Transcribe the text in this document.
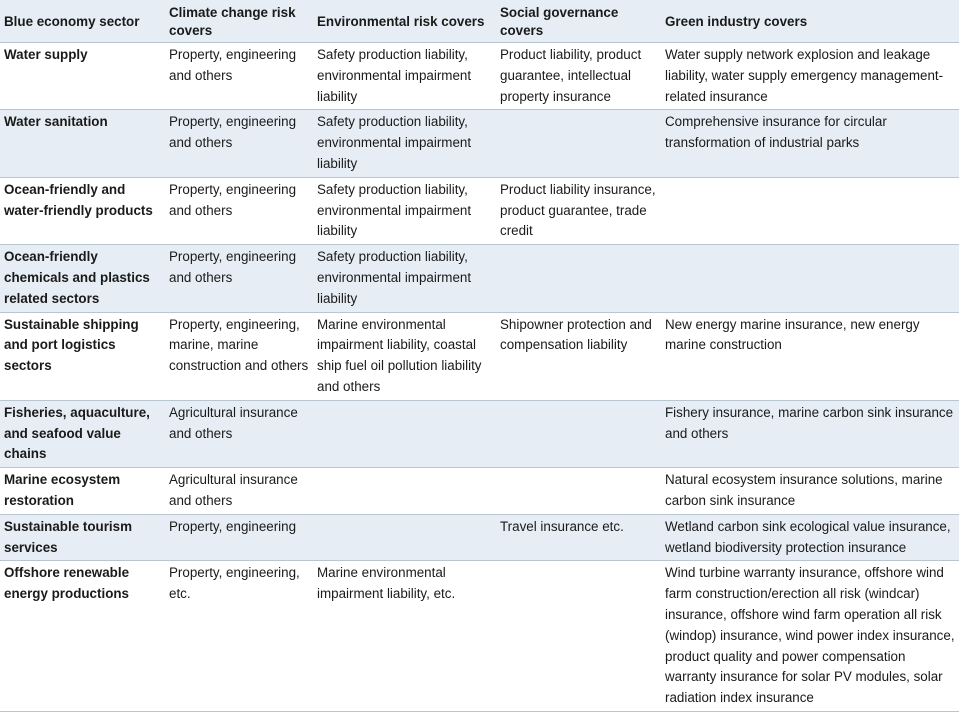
Blue economy sector	Climate change risk covers	Environmental risk covers	Social governance covers	Green industry covers
Water supply	Property, engineering and others	Safety production liability, environmental impairment liability	Product liability, product guarantee, intellectual property insurance	Water supply network explosion and leakage liability, water supply emergency management-related insurance
Water sanitation	Property, engineering and others	Safety production liability, environmental impairment liability		Comprehensive insurance for circular transformation of industrial parks
Ocean-friendly and water-friendly products	Property, engineering and others	Safety production liability, environmental impairment liability	Product liability insurance, product guarantee, trade credit	
Ocean-friendly chemicals and plastics related sectors	Property, engineering and others	Safety production liability, environmental impairment liability		
Sustainable shipping and port logistics sectors	Property, engineering, marine, marine construction and others	Marine environmental impairment liability, coastal ship fuel oil pollution liability and others	Shipowner protection and compensation liability	New energy marine insurance, new energy marine construction
Fisheries, aquaculture, and seafood value chains	Agricultural insurance and others			Fishery insurance, marine carbon sink insurance and others
Marine ecosystem restoration	Agricultural insurance and others			Natural ecosystem insurance solutions, marine carbon sink insurance
Sustainable tourism services	Property, engineering		Travel insurance etc.	Wetland carbon sink ecological value insurance, wetland biodiversity protection insurance
Offshore renewable energy productions	Property, engineering, etc.	Marine environmental impairment liability, etc.		Wind turbine warranty insurance, offshore wind farm construction/erection all risk (windcar) insurance, offshore wind farm operation all risk (windop) insurance, wind power index insurance, product quality and power compensation warranty insurance for solar PV modules, solar radiation index insurance
